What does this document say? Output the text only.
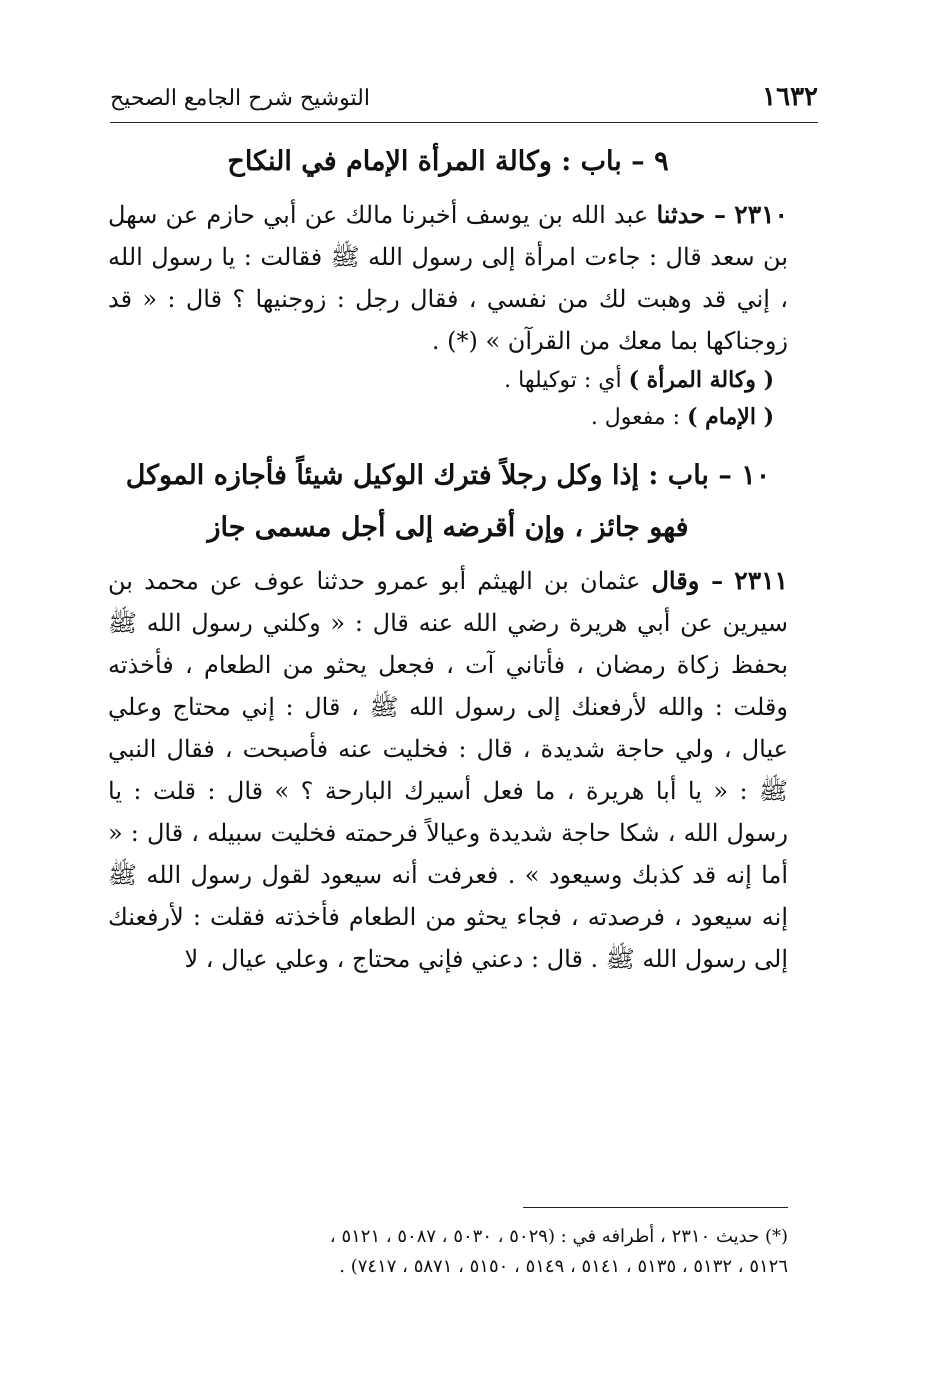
١٦٣٢
التوشيح شرح الجامع الصحيح
٩ – باب : وكالة المرأة الإمام في النكاح

٢٣١٠ – حدثنا عبد الله بن يوسف أخبرنا مالك عن أبي حازم عن سهل بن سعد قال : جاءت امرأة إلى رسول الله ﷺ فقالت : يا رسول الله ، إني قد وهبت لك من نفسي ، فقال رجل : زوجنيها ؟ قال : « قد زوجناكها بما معك من القرآن » (*) .

( وكالة المرأة ) أي : توكيلها .

( الإمام ) : مفعول .

١٠ – باب : إذا وكل رجلاً فترك الوكيل شيئاً فأجازه الموكل
فهو جائز ، وإن أقرضه إلى أجل مسمى جاز

٢٣١١ – وقال عثمان بن الهيثم أبو عمرو حدثنا عوف عن محمد بن سيرين عن أبي هريرة رضي الله عنه قال : « وكلني رسول الله ﷺ بحفظ زكاة رمضان ، فأتاني آت ، فجعل يحثو من الطعام ، فأخذته وقلت : والله لأرفعنك إلى رسول الله ﷺ ، قال : إني محتاج وعلي عيال ، ولي حاجة شديدة ، قال : فخليت عنه فأصبحت ، فقال النبي ﷺ : « يا أبا هريرة ، ما فعل أسيرك البارحة ؟ » قال : قلت : يا رسول الله ، شكا حاجة شديدة وعيالاً فرحمته فخليت سبيله ، قال : « أما إنه قد كذبك وسيعود » . فعرفت أنه سيعود لقول رسول الله ﷺ إنه سيعود ، فرصدته ، فجاء يحثو من الطعام فأخذته فقلت : لأرفعنك إلى رسول الله ﷺ . قال : دعني فإني محتاج ، وعلي عيال ، لا

(*) حديث ٢٣١٠ ، أطرافه في : (٥٠٢٩ ، ٥٠٣٠ ، ٥٠٨٧ ، ٥١٢١ ،

٥١٢٦ ، ٥١٣٢ ، ٥١٣٥ ، ٥١٤١ ، ٥١٤٩ ، ٥١٥٠ ، ٥٨٧١ ، ٧٤١٧) .
